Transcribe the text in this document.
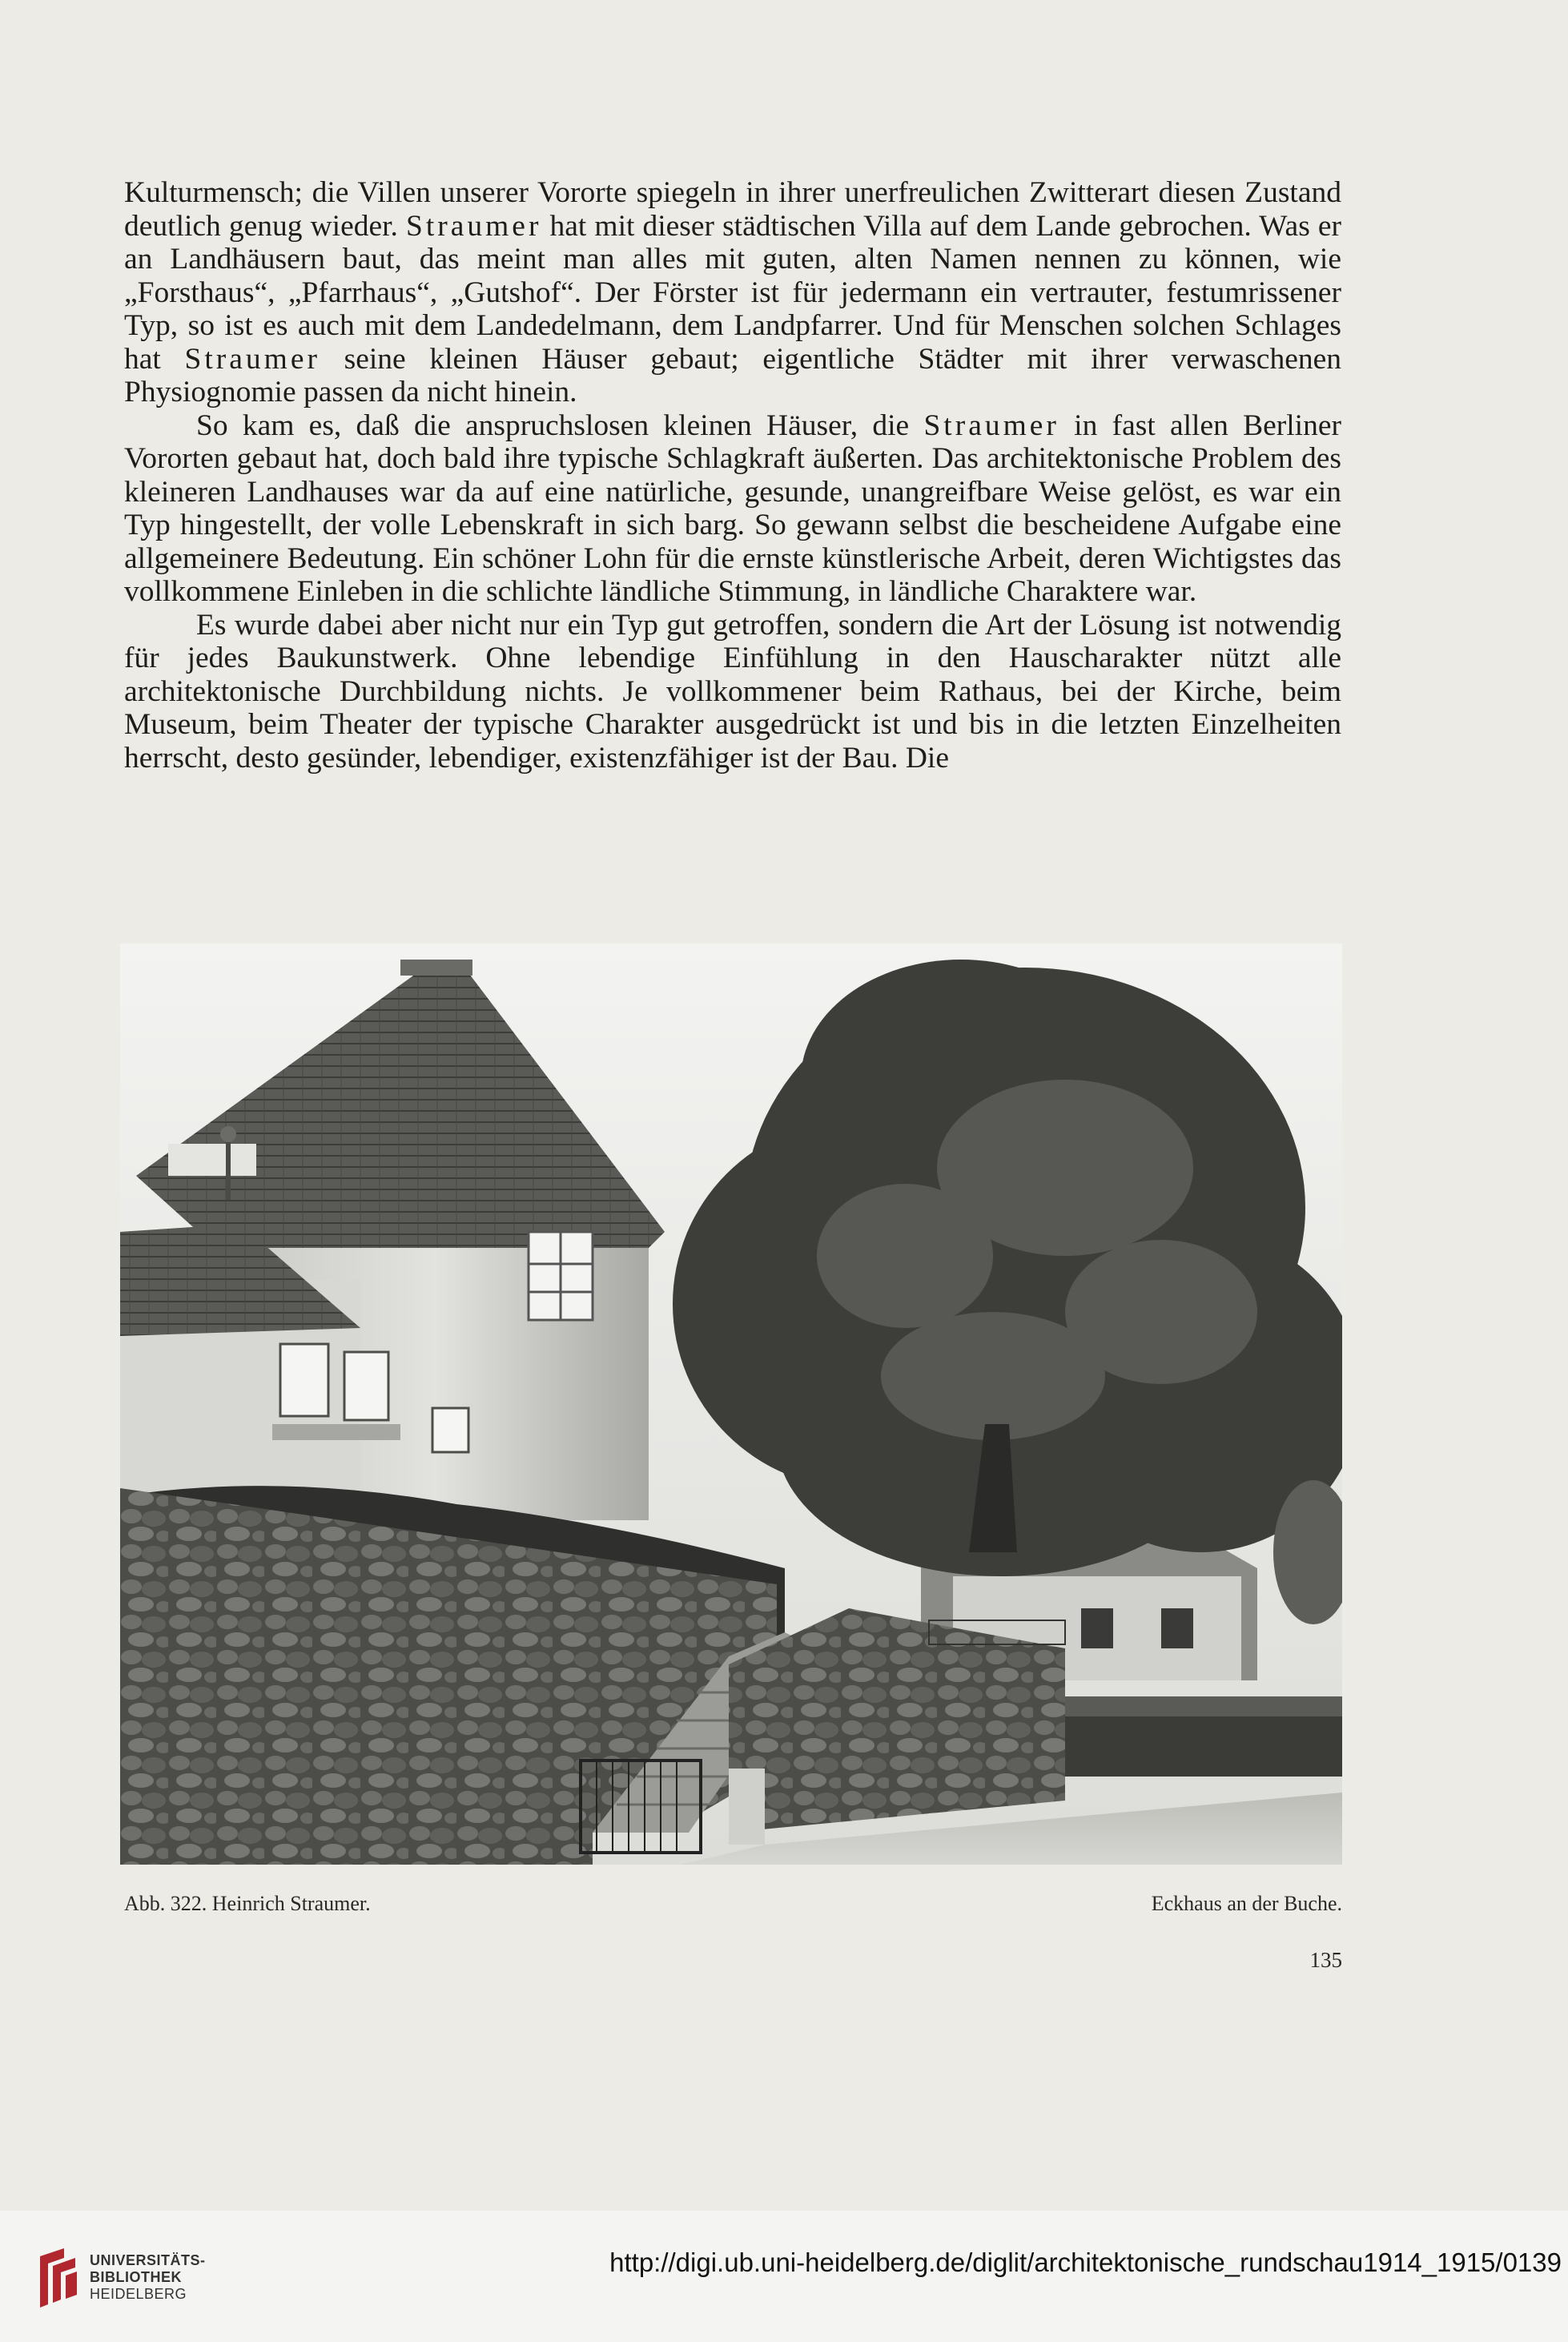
Kulturmensch; die Villen unserer Vororte spiegeln in ihrer unerfreulichen Zwitterart diesen Zustand deutlich genug wieder. Straumer hat mit dieser städtischen Villa auf dem Lande gebrochen. Was er an Landhäusern baut, das meint man alles mit guten, alten Namen nennen zu können, wie „Forsthaus“, „Pfarrhaus“, „Gutshof“. Der Förster ist für jedermann ein vertrauter, festumrissener Typ, so ist es auch mit dem Landedelmann, dem Landpfarrer. Und für Menschen solchen Schlages hat Straumer seine kleinen Häuser gebaut; eigentliche Städter mit ihrer verwaschenen Physiognomie passen da nicht hinein.

So kam es, daß die anspruchslosen kleinen Häuser, die Straumer in fast allen Berliner Vororten gebaut hat, doch bald ihre typische Schlagkraft äußerten. Das architektonische Problem des kleineren Landhauses war da auf eine natürliche, gesunde, unangreifbare Weise gelöst, es war ein Typ hingestellt, der volle Lebenskraft in sich barg. So gewann selbst die bescheidene Aufgabe eine allgemeinere Bedeutung. Ein schöner Lohn für die ernste künstlerische Arbeit, deren Wichtigstes das vollkommene Einleben in die schlichte ländliche Stimmung, in ländliche Charaktere war.

Es wurde dabei aber nicht nur ein Typ gut getroffen, sondern die Art der Lösung ist notwendig für jedes Baukunstwerk. Ohne lebendige Einfühlung in den Hauscharakter nützt alle architektonische Durchbildung nichts. Je vollkommener beim Rathaus, bei der Kirche, beim Museum, beim Theater der typische Charakter ausgedrückt ist und bis in die letzten Einzelheiten herrscht, desto gesünder, lebendiger, existenzfähiger ist der Bau. Die

Abb. 322. Heinrich Straumer.	Eckhaus an der Buche.
135
UNIVERSITÄTS-
BIBLIOTHEK
HEIDELBERG
http://digi.ub.uni-heidelberg.de/diglit/architektonische_rundschau1914_1915/0139
